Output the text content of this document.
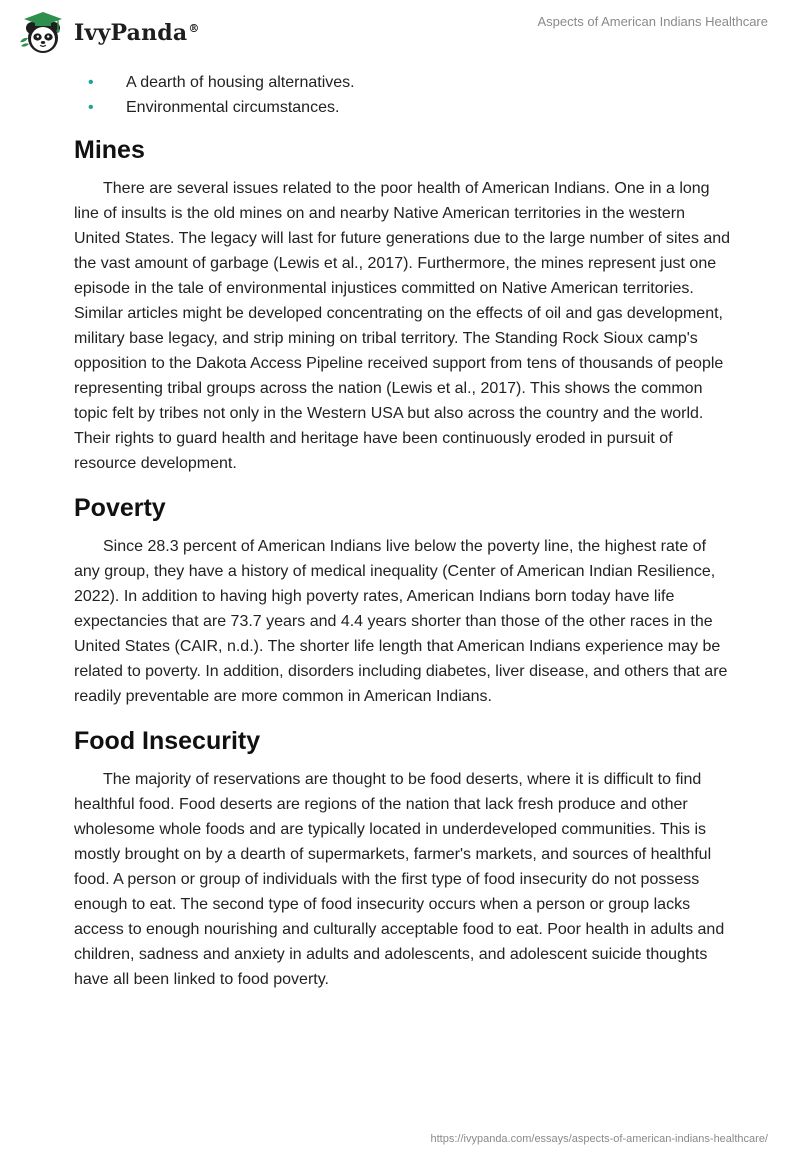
IvyPanda®	Aspects of American Indians Healthcare
• A dearth of housing alternatives.
• Environmental circumstances.
Mines

There are several issues related to the poor health of American Indians. One in a long line of insults is the old mines on and nearby Native American territories in the western United States. The legacy will last for future generations due to the large number of sites and the vast amount of garbage (Lewis et al., 2017). Furthermore, the mines represent just one episode in the tale of environmental injustices committed on Native American territories. Similar articles might be developed concentrating on the effects of oil and gas development, military base legacy, and strip mining on tribal territory. The Standing Rock Sioux camp's opposition to the Dakota Access Pipeline received support from tens of thousands of people representing tribal groups across the nation (Lewis et al., 2017). This shows the common topic felt by tribes not only in the Western USA but also across the country and the world. Their rights to guard health and heritage have been continuously eroded in pursuit of resource development.

Poverty

Since 28.3 percent of American Indians live below the poverty line, the highest rate of any group, they have a history of medical inequality (Center of American Indian Resilience, 2022). In addition to having high poverty rates, American Indians born today have life expectancies that are 73.7 years and 4.4 years shorter than those of the other races in the United States (CAIR, n.d.). The shorter life length that American Indians experience may be related to poverty. In addition, disorders including diabetes, liver disease, and others that are readily preventable are more common in American Indians.

Food Insecurity

The majority of reservations are thought to be food deserts, where it is difficult to find healthful food. Food deserts are regions of the nation that lack fresh produce and other wholesome whole foods and are typically located in underdeveloped communities. This is mostly brought on by a dearth of supermarkets, farmer's markets, and sources of healthful food. A person or group of individuals with the first type of food insecurity do not possess enough to eat. The second type of food insecurity occurs when a person or group lacks access to enough nourishing and culturally acceptable food to eat. Poor health in adults and children, sadness and anxiety in adults and adolescents, and adolescent suicide thoughts have all been linked to food poverty.

https://ivypanda.com/essays/aspects-of-american-indians-healthcare/
